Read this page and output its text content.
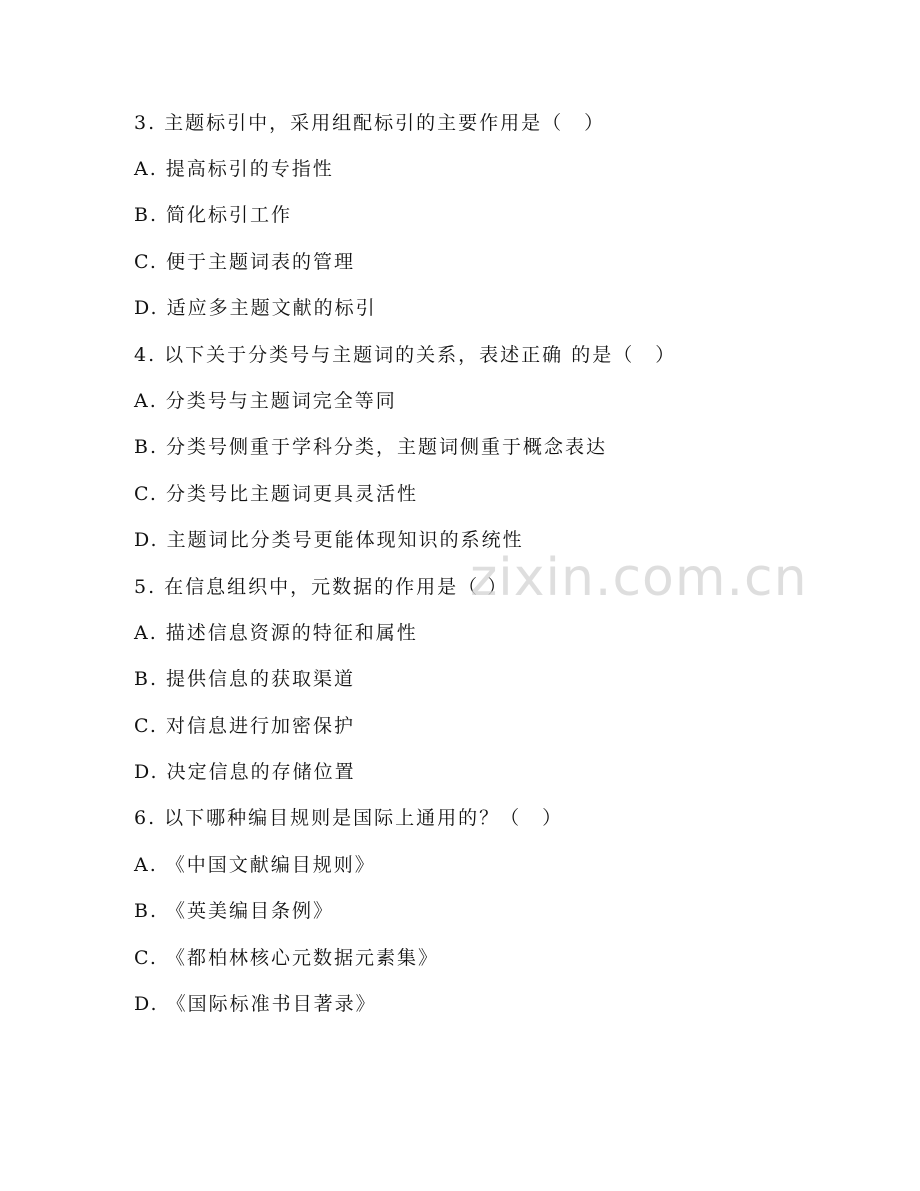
3. 主题标引中，采用组配标引的主要作用是（　）
A. 提高标引的专指性
B. 简化标引工作
C. 便于主题词表的管理
D. 适应多主题文献的标引
4. 以下关于分类号与主题词的关系，表述正确 的是（　）
A. 分类号与主题词完全等同
B. 分类号侧重于学科分类，主题词侧重于概念表达
C. 分类号比主题词更具灵活性
D. 主题词比分类号更能体现知识的系统性
5. 在信息组织中，元数据的作用是（ ）
A. 描述信息资源的特征和属性
B. 提供信息的获取渠道
C. 对信息进行加密保护
D. 决定信息的存储位置
6. 以下哪种编目规则是国际上通用的？（　）
A. 《中国文献编目规则》
B. 《英美编目条例》
C. 《都柏林核心元数据元素集》
D. 《国际标准书目著录》
zixin.com.cn
